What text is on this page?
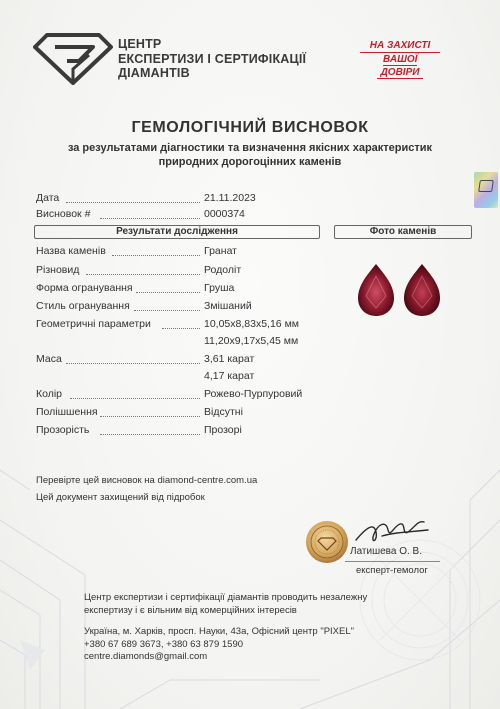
ЦЕНТР
ЕКСПЕРТИЗИ І СЕРТИФІКАЦІЇ
ДІАМАНТІВ
НА ЗАХИСТІ
ВАШОЇ
ДОВІРИ
ГЕМОЛОГІЧНИЙ ВИСНОВОК
за результатами діагностики та визначення якісних характеристик
природних дорогоцінних каменів
Дата	21.11.2023
Висновок #	0000374
Результати дослідження	Фото каменів
Назва каменів	Гранат
Різновид	Родоліт
Форма огранування	Груша
Стиль огранування	Змішаний
Геометричні параметри	10,05x8,83x5,16 мм
11,20x9,17x5,45 мм
Маса	3,61 карат
4,17 карат
Колір	Рожево-Пурпуровий
Полішшення	Відсутні
Прозорість	Прозорі
Перевірте цей висновок на diamond-centre.com.ua
Цей документ захищений від підробок
Латишева О. В.
експерт-гемолог
Центр експертизи і сертифікації діамантів проводить незалежну
експертизу і є вільним від комерційних інтересів
Україна, м. Харків, просп. Науки, 43а, Офісний центр "PIXEL"
+380 67 689 3673, +380 63 879 1590
centre.diamonds@gmail.com
